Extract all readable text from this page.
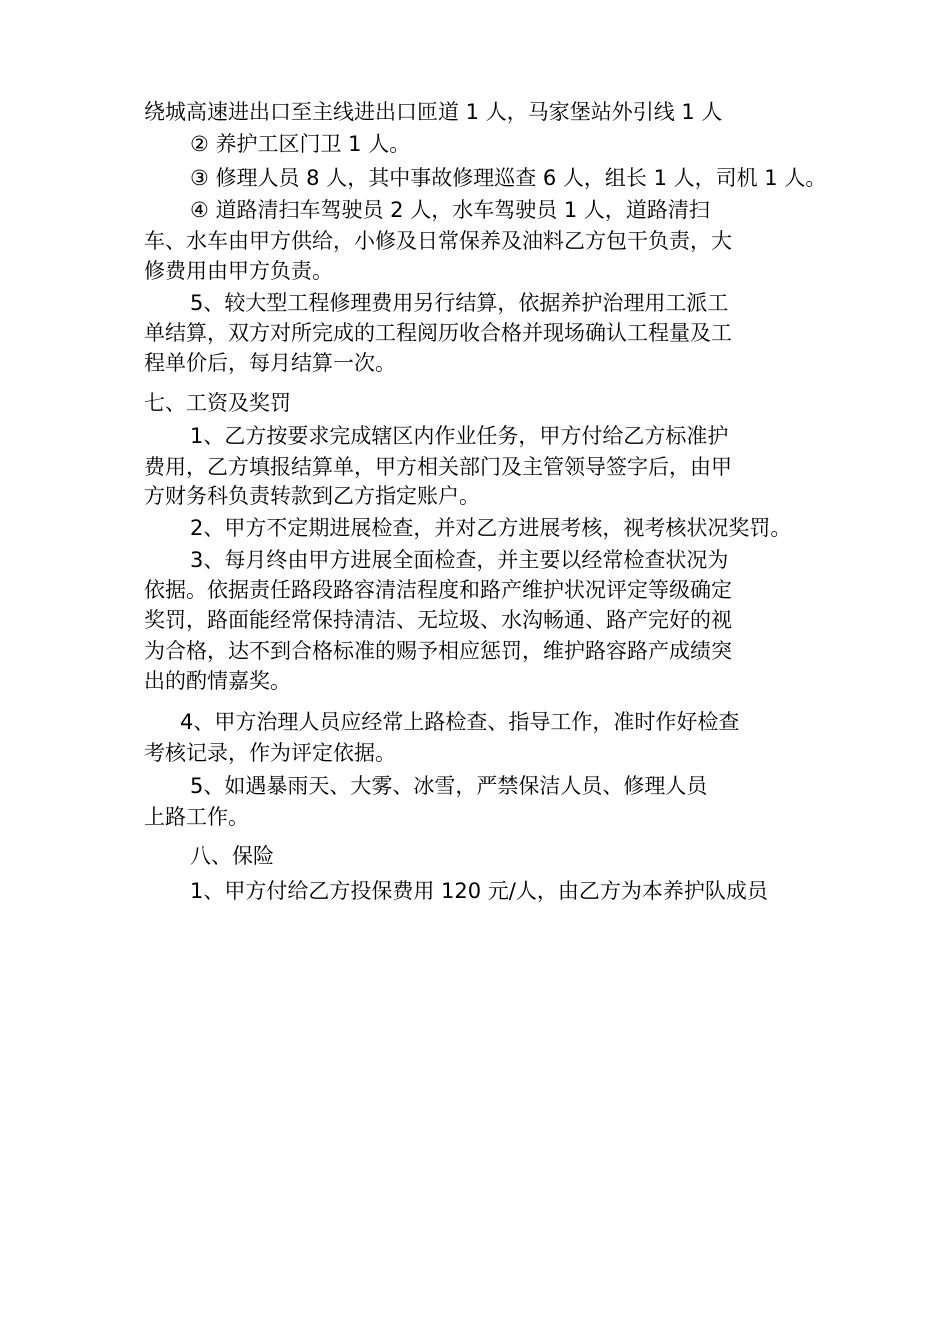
绕城高速进出口至主线进出口匝道 1 人，马家堡站外引线 1 人
② 养护工区门卫 1 人。
③ 修理人员 8 人，其中事故修理巡查 6 人，组长 1 人，司机 1 人。
④ 道路清扫车驾驶员 2 人，水车驾驶员 1 人，道路清扫
车、水车由甲方供给，小修及日常保养及油料乙方包干负责，大
修费用由甲方负责。
5、较大型工程修理费用另行结算，依据养护治理用工派工
单结算，双方对所完成的工程阅历收合格并现场确认工程量及工
程单价后，每月结算一次。
七、工资及奖罚
1、乙方按要求完成辖区内作业任务，甲方付给乙方标准护
费用，乙方填报结算单，甲方相关部门及主管领导签字后，由甲
方财务科负责转款到乙方指定账户。
2、甲方不定期进展检查，并对乙方进展考核，视考核状况奖罚。
3、每月终由甲方进展全面检查，并主要以经常检查状况为
依据。依据责任路段路容清洁程度和路产维护状况评定等级确定
奖罚，路面能经常保持清洁、无垃圾、水沟畅通、路产完好的视
为合格，达不到合格标准的赐予相应惩罚，维护路容路产成绩突
出的酌情嘉奖。
4、甲方治理人员应经常上路检查、指导工作，准时作好检查
考核记录，作为评定依据。
5、如遇暴雨天、大雾、冰雪，严禁保洁人员、修理人员
上路工作。
八、保险
1、甲方付给乙方投保费用 120 元/人，由乙方为本养护队成员
